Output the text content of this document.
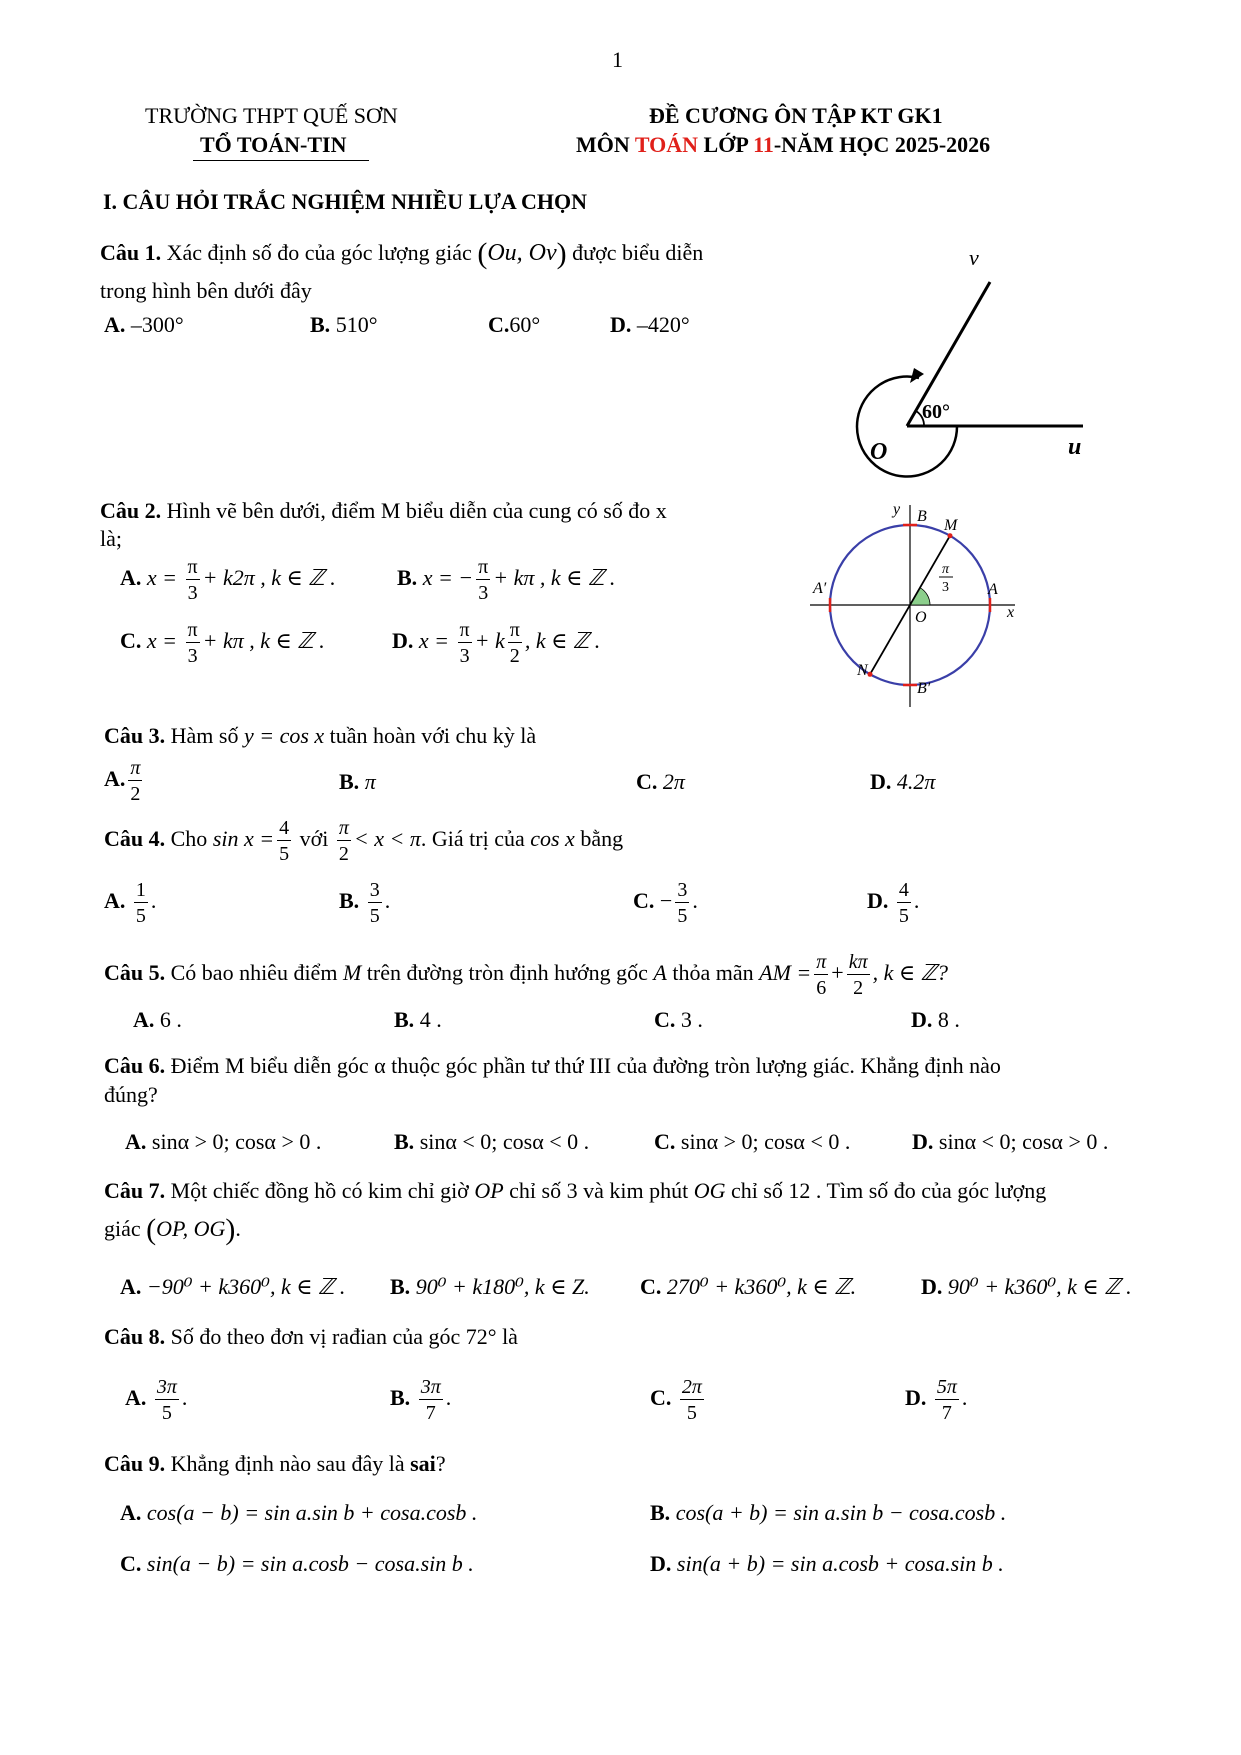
1
TRƯỜNG THPT QUẾ SƠN
TỔ TOÁN-TIN
ĐỀ CƯƠNG ÔN TẬP KT GK1
MÔN TOÁN LỚP 11-NĂM HỌC 2025-2026
I. CÂU HỎI TRẮC NGHIỆM NHIỀU LỰA CHỌN
Câu 1. Xác định số đo của góc lượng giác (Ou, Ov) được biểu diễn
trong hình bên dưới đây
A. –300°	B. 510°	C.60°	D. –420°
v
60°
O	u
Câu 2. Hình vẽ bên dưới, điểm M biểu diễn của cung có số đo x
là;
A. $x = \frac{\pi}{3} + k2\pi$ , k ∈ ℤ .	B. x = − $\frac{\pi}{3} + k\pi$ , k ∈ ℤ .
C. $x = \frac{\pi}{3} + k\pi$ , k ∈ ℤ .	D. $x = \frac{\pi}{3} + k \frac{\pi}{2}$ , k ∈ ℤ .
y B
M
A′	A
O	x
N
B′
π
3
Câu 3. Hàm số y = cos x tuần hoàn với chu kỳ là
A. $\frac{\pi}{2}$	B. π	C. 2π	D. 4.2π
Câu 4. Cho $\sin x = \frac{4}{5}$ với $\frac{\pi}{2} < x < \pi$. Giá trị của cos x bằng
A. $\frac{1}{5}$ .	B. $\frac{3}{5}$ .	C. − $\frac{3}{5}$ .	D. $\frac{4}{5}$ .
Câu 5. Có bao nhiêu điểm M trên đường tròn định hướng gốc A thỏa mãn AM = $\frac{\pi}{6} + \frac{k\pi}{2}$ , k ∈ ℤ?
A. 6 .	B. 4 .	C. 3 .	D. 8 .
Câu 6. Điểm M biểu diễn góc α thuộc góc phần tư thứ III của đường tròn lượng giác. Khẳng định nào
đúng?
A. sinα > 0; cosα > 0 .	B. sinα < 0; cosα < 0 .	C. sinα > 0; cosα < 0 .	D. sinα < 0; cosα > 0 .
Câu 7. Một chiếc đồng hồ có kim chỉ giờ OP chỉ số 3 và kim phút OG chỉ số 12 . Tìm số đo của góc lượng
giác (OP, OG).
A. −90⁰ + k360⁰, k ∈ ℤ . B. 90⁰ + k180⁰, k ∈ Z. C. 270⁰ + k360⁰, k ∈ ℤ.	D. 90⁰ + k360⁰, k ∈ ℤ .
Câu 8. Số đo theo đơn vị rađian của góc 72° là
A. $\frac{3\pi}{5}$ .	B. $\frac{3\pi}{7}$ .	C. $\frac{2\pi}{5}$	D. $\frac{5\pi}{7}$ .
Câu 9. Khẳng định nào sau đây là sai?
A. cos(a − b) = sin a.sin b + cosa.cosb .	B. cos(a + b) = sin a.sin b − cosa.cosb .
C. sin(a − b) = sin a.cosb − cosa.sin b .	D. sin(a + b) = sin a.cosb + cosa.sin b .
